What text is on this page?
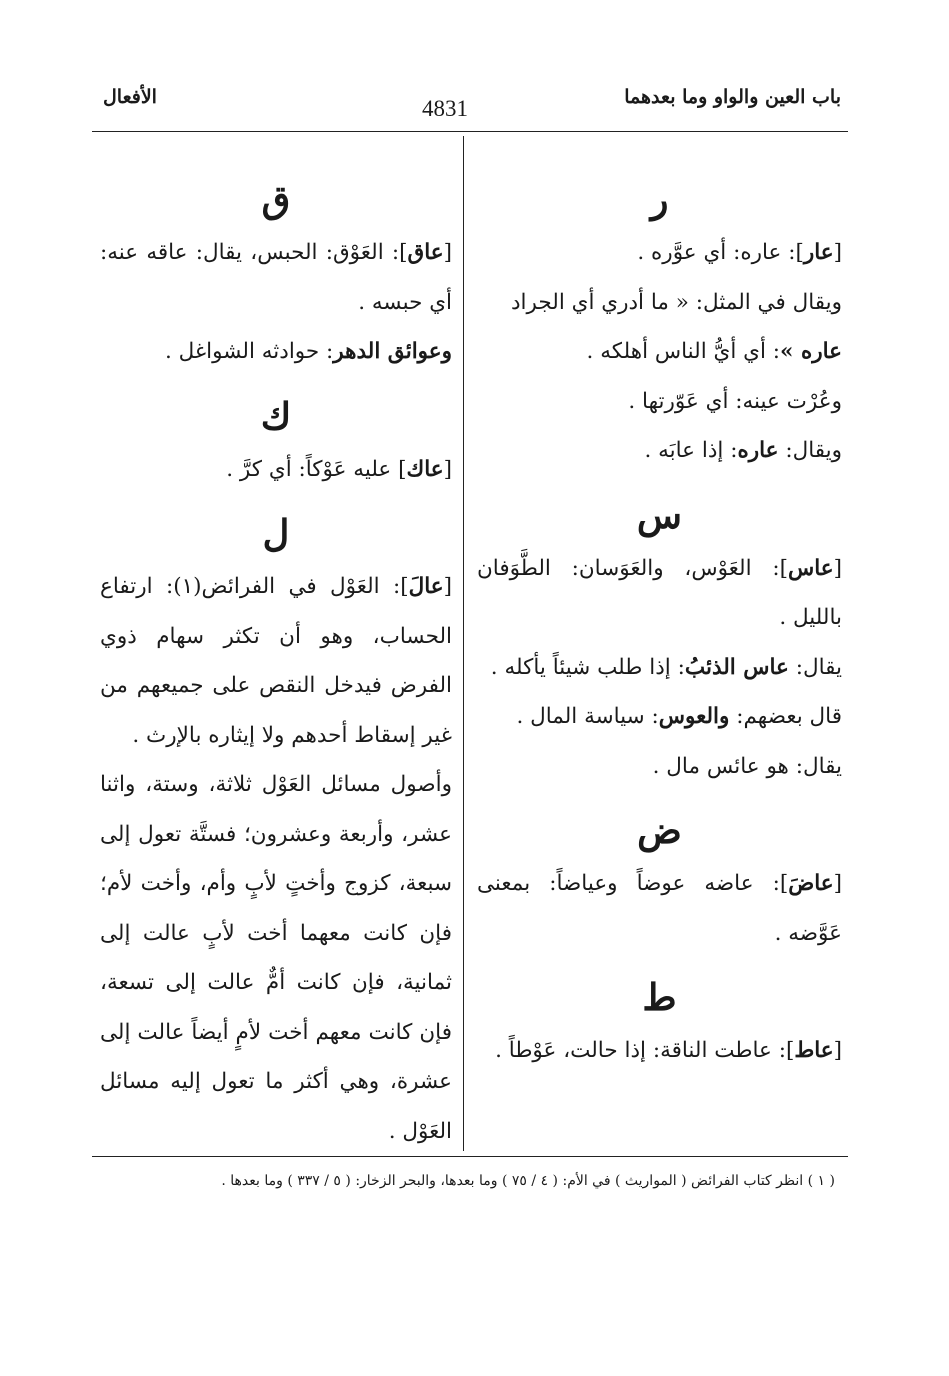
باب العين والواو وما بعدهما
4831
الأفعال

ر

[عار]: عاره: أي عوَّره .

ويقال في المثل: « ما أدري أي الجراد

عاره »: أي أيُّ الناس أهلكه .

وعُرْت عينه: أي عَوّرتها .

ويقال: عاره: إذا عابَه .

س

[عاس]: العَوْس، والعَوَسان: الطَّوَفان بالليل .

يقال: عاس الذئبُ: إذا طلب شيئاً يأكله .

قال بعضهم: والعوس: سياسة المال .

يقال: هو عائس مال .

ض

[عاضَ]: عاضه عوضاً وعياضاً: بمعنى عَوَّضه .

ط

[عاط]: عاطت الناقة: إذا حالت، عَوْطاً .

ق

[عاق]: العَوْق: الحبس، يقال: عاقه عنه: أي حبسه .

وعوائق الدهر: حوادثه الشواغل .

ك

[عاك] عليه عَوْكاً: أي كرَّ .

ل

[عالَ]: العَوْل في الفرائض(١): ارتفاع الحساب، وهو أن تكثر سهام ذوي الفرض فيدخل النقص على جميعهم من غير إسقاط أحدهم ولا إيثاره بالإرث .

وأصول مسائل العَوْل ثلاثة، وستة، واثنا عشر، وأربعة وعشرون؛ فستَّة تعول إلى سبعة، كزوج وأختٍ لأبٍ وأم، وأخت لأم؛ فإن كانت معهما أخت لأبٍ عالت إلى ثمانية، فإن كانت أمٌّ عالت إلى تسعة، فإن كانت معهم أخت لأمٍ أيضاً عالت إلى عشرة، وهي أكثر ما تعول إليه مسائل العَوْل .

( ١ ) انظر كتاب الفرائض ( المواريث ) في الأم: ( ٤ / ٧٥ ) وما بعدها، والبحر الزخار: ( ٥ / ٣٣٧ ) وما بعدها .
